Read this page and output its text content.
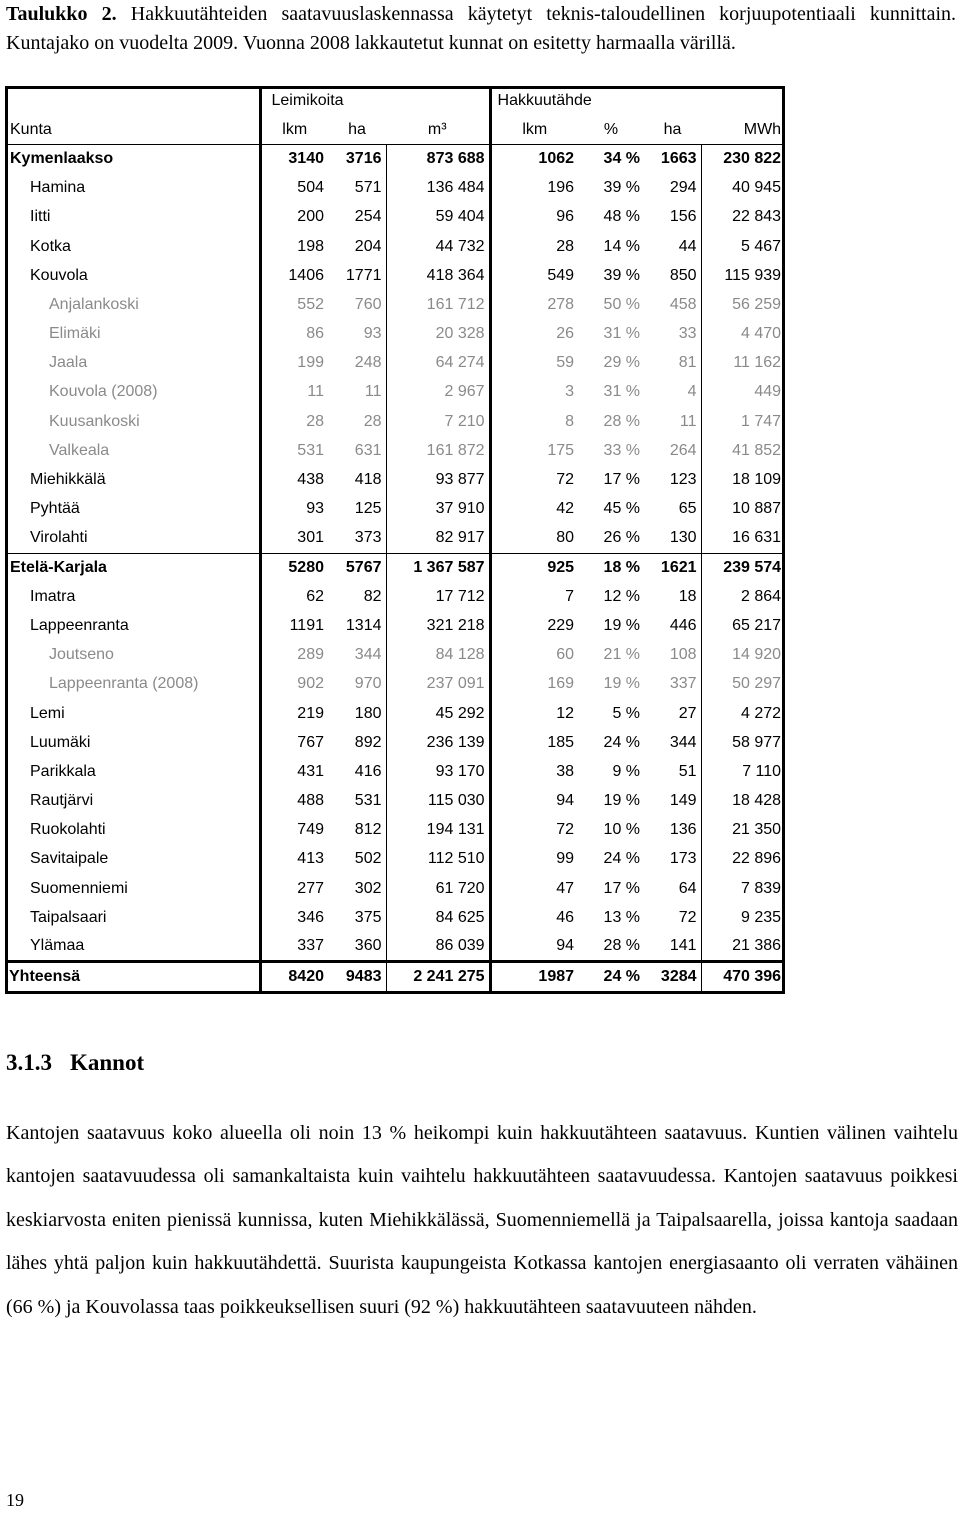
Taulukko 2. Hakkuutähteiden saatavuuslaskennassa käytetyt teknis-taloudellinen korjuupotentiaali kunnittain. Kuntajako on vuodelta 2009. Vuonna 2008 lakkautetut kunnat on esitetty harmaalla värillä.
	Leimikoita			Hakkuutähde			
Kunta	lkm	ha	m³	lkm	%	ha	MWh
Kymenlaakso	3140	3716	873 688	1062	34 %	1663	230 822
Hamina	504	571	136 484	196	39 %	294	40 945
Iitti	200	254	59 404	96	48 %	156	22 843
Kotka	198	204	44 732	28	14 %	44	5 467
Kouvola	1406	1771	418 364	549	39 %	850	115 939
Anjalankoski	552	760	161 712	278	50 %	458	56 259
Elimäki	86	93	20 328	26	31 %	33	4 470
Jaala	199	248	64 274	59	29 %	81	11 162
Kouvola (2008)	11	11	2 967	3	31 %	4	449
Kuusankoski	28	28	7 210	8	28 %	11	1 747
Valkeala	531	631	161 872	175	33 %	264	41 852
Miehikkälä	438	418	93 877	72	17 %	123	18 109
Pyhtää	93	125	37 910	42	45 %	65	10 887
Virolahti	301	373	82 917	80	26 %	130	16 631
Etelä-Karjala	5280	5767	1 367 587	925	18 %	1621	239 574
Imatra	62	82	17 712	7	12 %	18	2 864
Lappeenranta	1191	1314	321 218	229	19 %	446	65 217
Joutseno	289	344	84 128	60	21 %	108	14 920
Lappeenranta (2008)	902	970	237 091	169	19 %	337	50 297
Lemi	219	180	45 292	12	5 %	27	4 272
Luumäki	767	892	236 139	185	24 %	344	58 977
Parikkala	431	416	93 170	38	9 %	51	7 110
Rautjärvi	488	531	115 030	94	19 %	149	18 428
Ruokolahti	749	812	194 131	72	10 %	136	21 350
Savitaipale	413	502	112 510	99	24 %	173	22 896
Suomenniemi	277	302	61 720	47	17 %	64	7 839
Taipalsaari	346	375	84 625	46	13 %	72	9 235
Ylämaa	337	360	86 039	94	28 %	141	21 386
Yhteensä	8420	9483	2 241 275	1987	24 %	3284	470 396
3.1.3 Kannot
Kantojen saatavuus koko alueella oli noin 13 % heikompi kuin hakkuutähteen saatavuus. Kuntien välinen vaihtelu kantojen saatavuudessa oli samankaltaista kuin vaihtelu hakkuutähteen saatavuudessa. Kantojen saatavuus poikkesi keskiarvosta eniten pienissä kunnissa, kuten Miehikkälässä, Suomenniemellä ja Taipalsaarella, joissa kantoja saadaan lähes yhtä paljon kuin hakkuutähdettä. Suurista kaupungeista Kotkassa kantojen energiasaanto oli verraten vähäinen (66 %) ja Kouvolassa taas poikkeuksellisen suuri (92 %) hakkuutähteen saatavuuteen nähden.
19
